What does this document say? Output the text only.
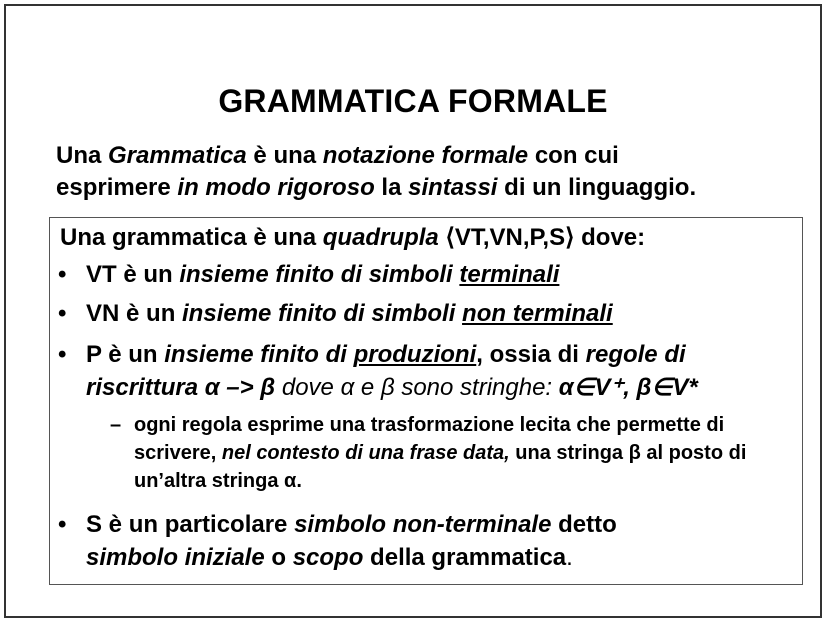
GRAMMATICA FORMALE
Una Grammatica è una notazione formale con cui
esprimere in modo rigoroso la sintassi di un linguaggio.
Una grammatica è una quadrupla ⟨VT,VN,P,S⟩ dove:
• VT è un insieme finito di simboli terminali
• VN è un insieme finito di simboli non terminali
• P è un insieme finito di produzioni, ossia di regole di
riscrittura α –> β dove α e β sono stringhe: α∈V⁺, β∈V*
– ogni regola esprime una trasformazione lecita che permette di scrivere, nel contesto di una frase data, una stringa β al posto di un’altra stringa α.
• S è un particolare simbolo non-terminale detto
simbolo iniziale o scopo della grammatica.
